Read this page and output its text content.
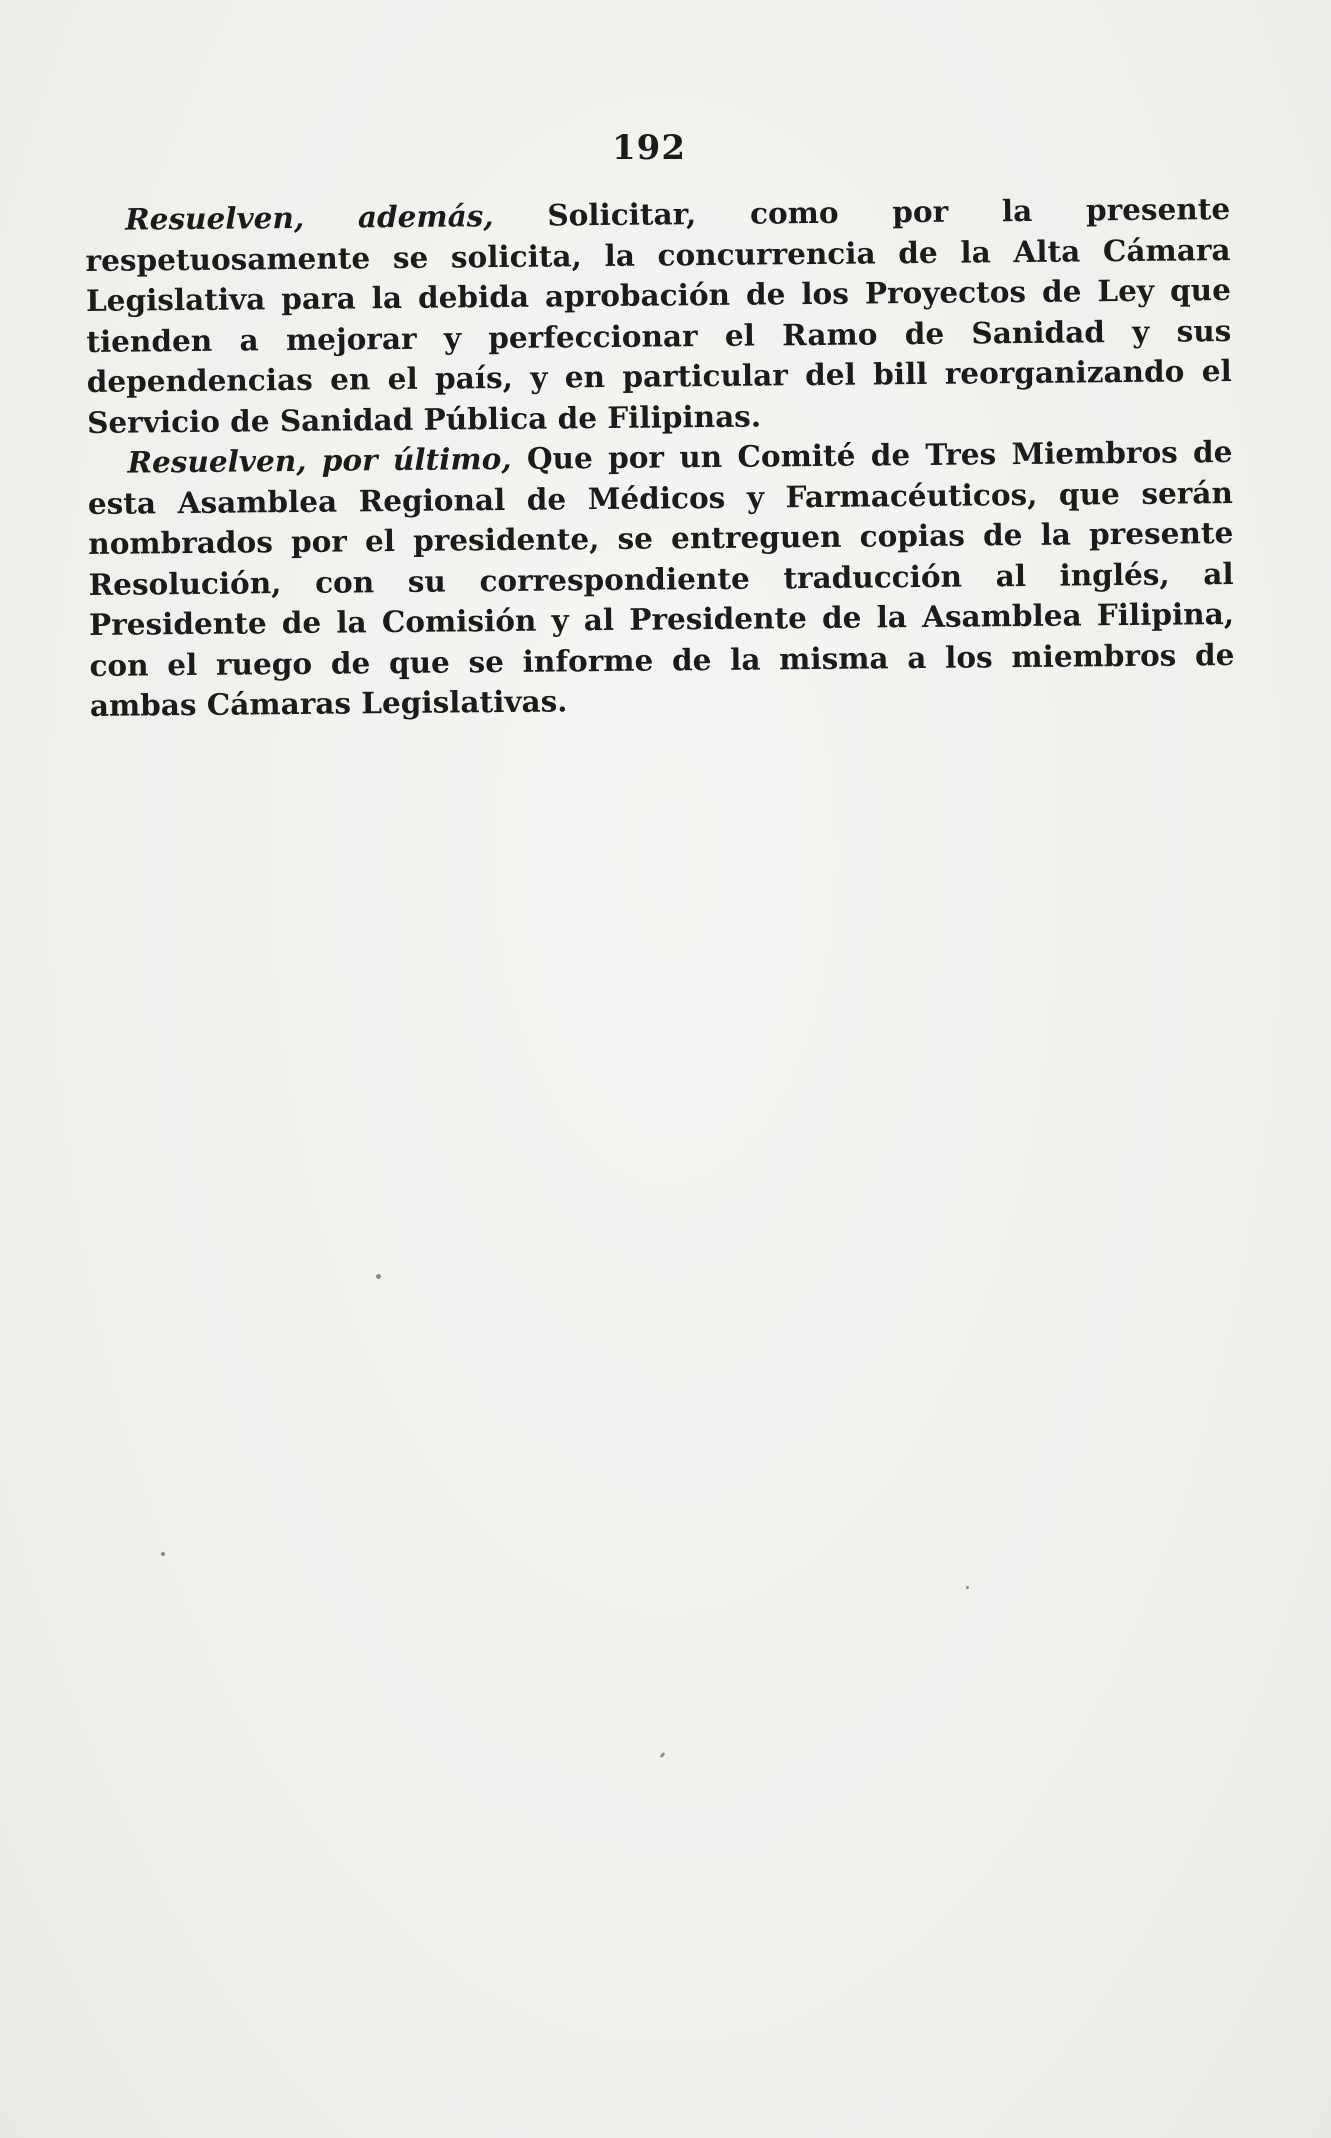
192

Resuelven, además, Solicitar, como por la presente respetuosamente se solicita, la concurrencia de la Alta Cámara Legislativa para la debida aprobación de los Proyectos de Ley que tienden a mejorar y perfeccionar el Ramo de Sanidad y sus dependencias en el país, y en particular del bill reorganizando el Servicio de Sanidad Pública de Filipinas.

Resuelven, por último, Que por un Comité de Tres Miembros de esta Asamblea Regional de Médicos y Farmacéuticos, que serán nombrados por el presidente, se entreguen copias de la presente Resolución, con su correspondiente traducción al inglés, al Presidente de la Comisión y al Presidente de la Asamblea Filipina, con el ruego de que se informe de la misma a los miembros de ambas Cámaras Legislativas.
